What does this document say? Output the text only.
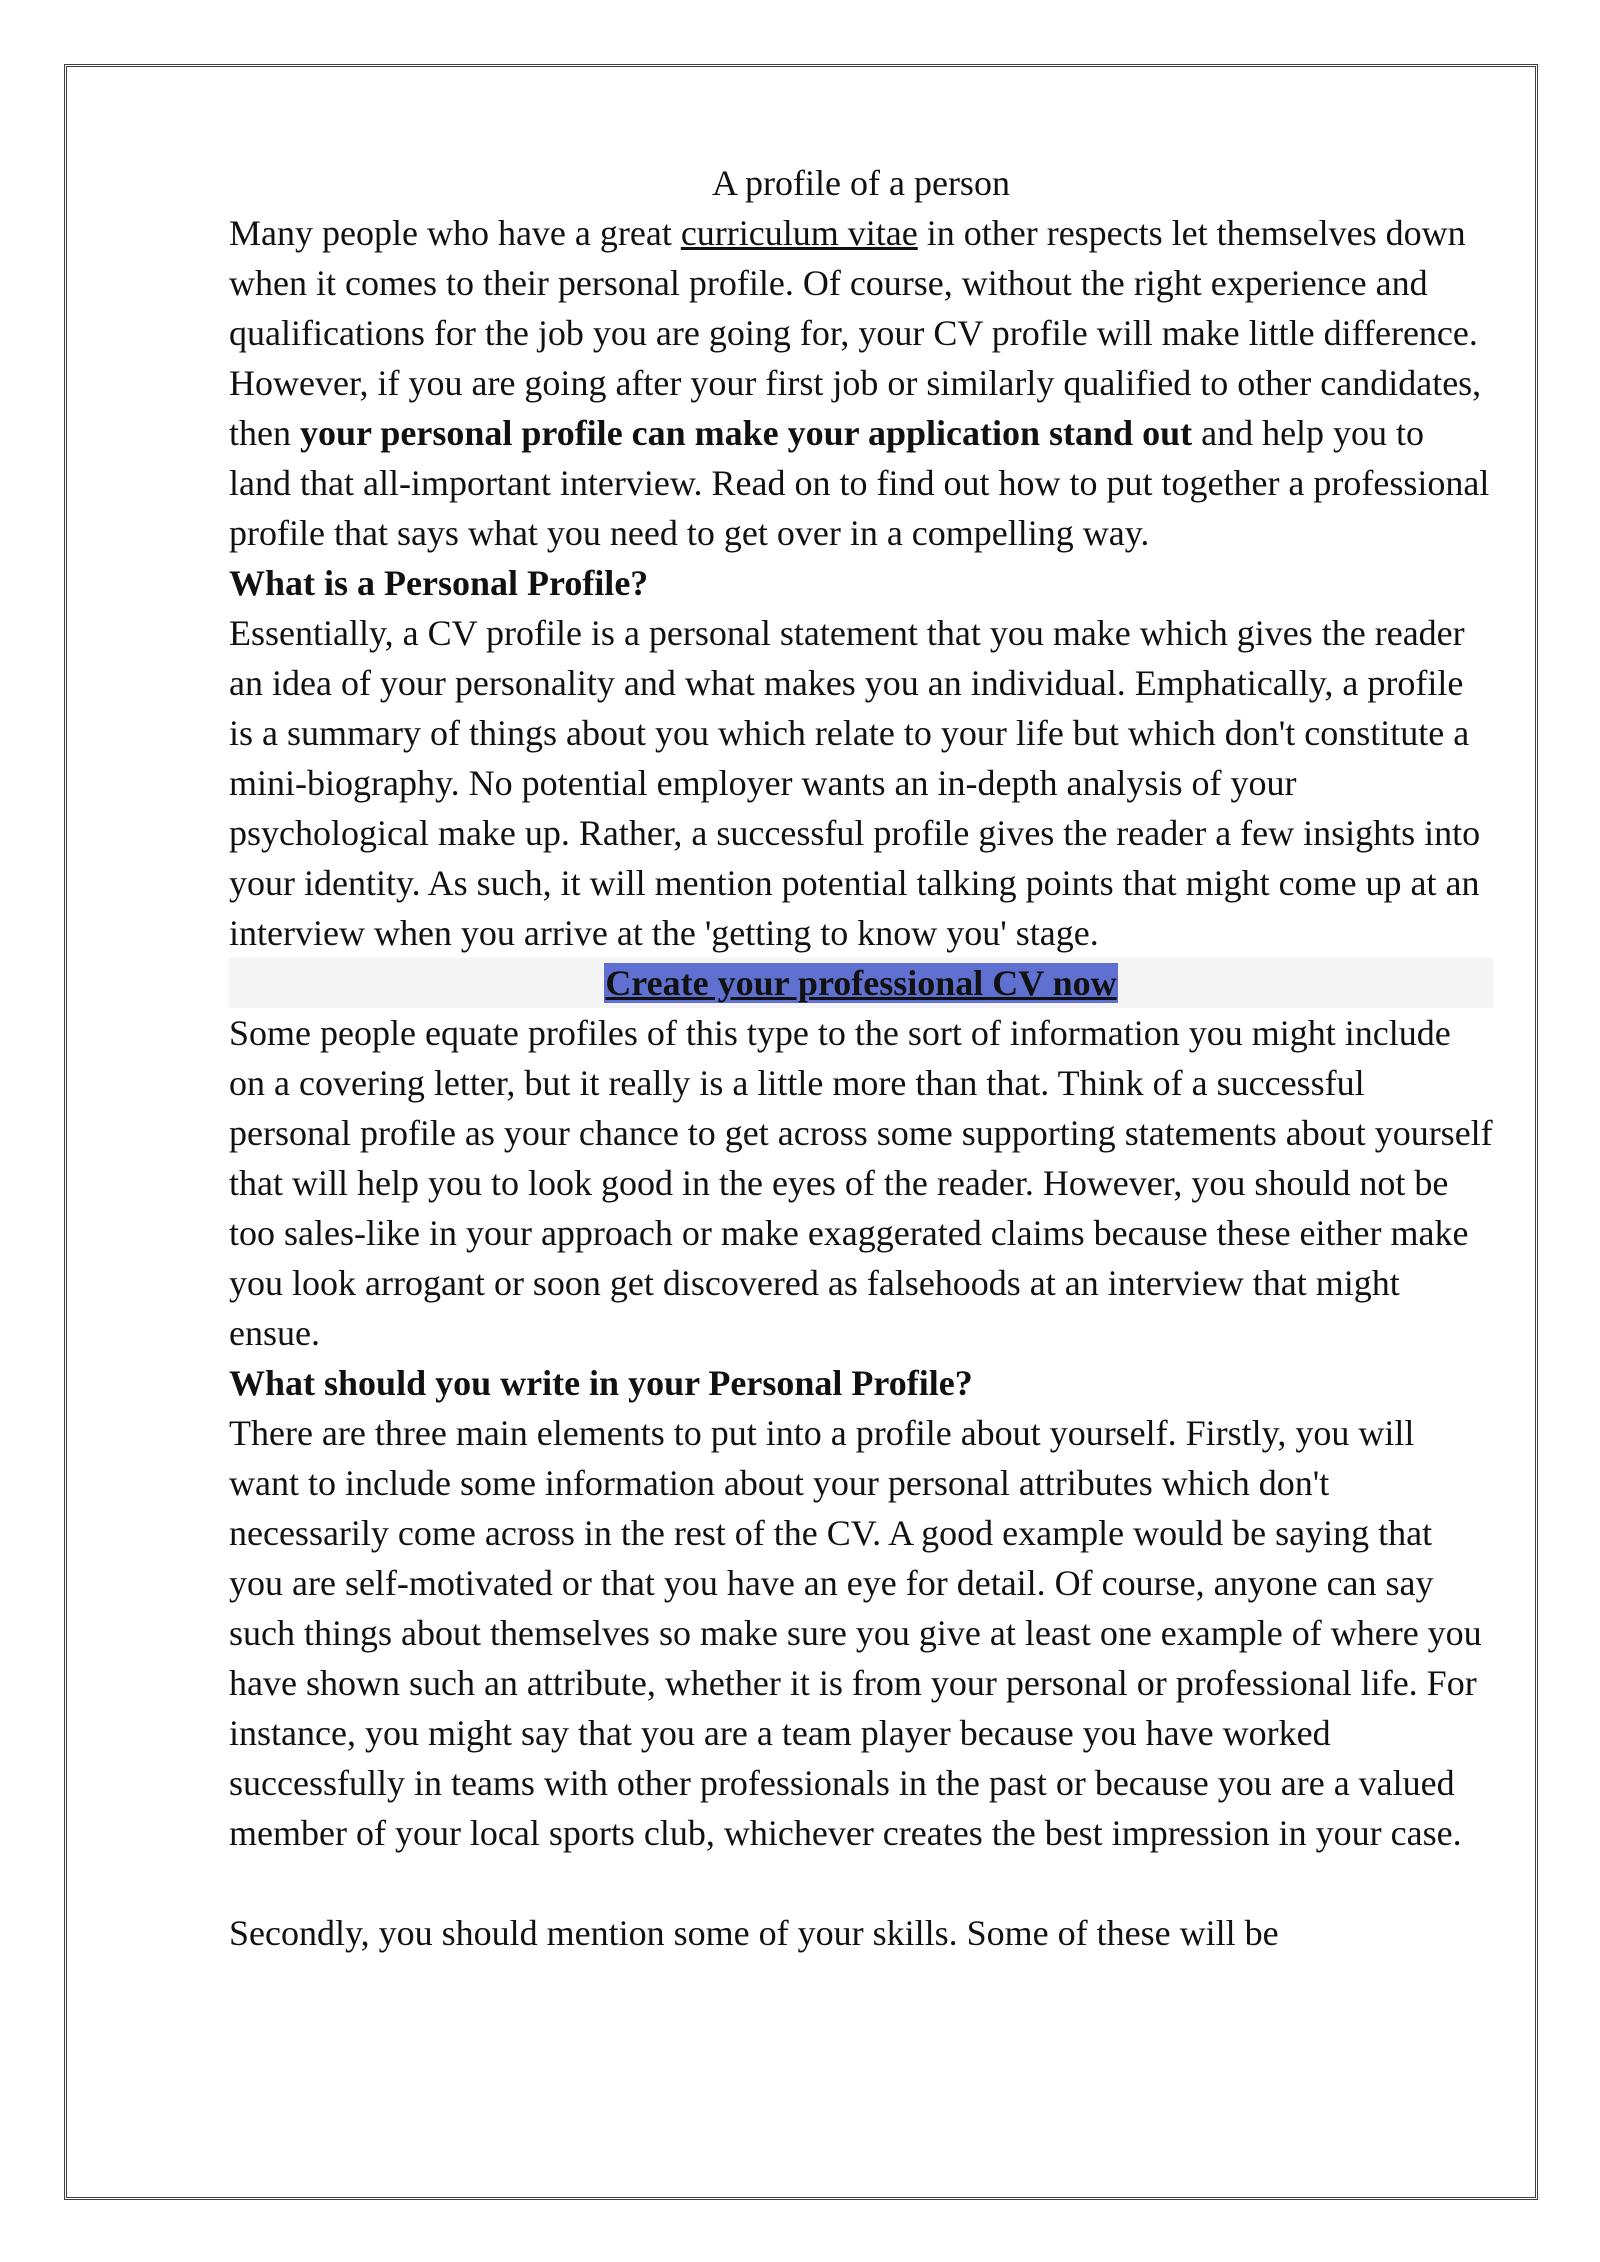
A profile of a person

Many people who have a great curriculum vitae in other respects let themselves down when it comes to their personal profile. Of course, without the right experience and qualifications for the job you are going for, your CV profile will make little difference. However, if you are going after your first job or similarly qualified to other candidates, then your personal profile can make your application stand out and help you to land that all-important interview. Read on to find out how to put together a professional profile that says what you need to get over in a compelling way.

What is a Personal Profile?

Essentially, a CV profile is a personal statement that you make which gives the reader an idea of your personality and what makes you an individual. Emphatically, a profile is a summary of things about you which relate to your life but which don't constitute a mini-biography. No potential employer wants an in-depth analysis of your psychological make up. Rather, a successful profile gives the reader a few insights into your identity. As such, it will mention potential talking points that might come up at an interview when you arrive at the 'getting to know you' stage.

Create your professional CV now

Some people equate profiles of this type to the sort of information you might include on a covering letter, but it really is a little more than that. Think of a successful personal profile as your chance to get across some supporting statements about yourself that will help you to look good in the eyes of the reader. However, you should not be too sales-like in your approach or make exaggerated claims because these either make you look arrogant or soon get discovered as falsehoods at an interview that might ensue.

What should you write in your Personal Profile?

There are three main elements to put into a profile about yourself. Firstly, you will want to include some information about your personal attributes which don't necessarily come across in the rest of the CV. A good example would be saying that you are self-motivated or that you have an eye for detail. Of course, anyone can say such things about themselves so make sure you give at least one example of where you have shown such an attribute, whether it is from your personal or professional life. For instance, you might say that you are a team player because you have worked successfully in teams with other professionals in the past or because you are a valued member of your local sports club, whichever creates the best impression in your case.

Secondly, you should mention some of your skills. Some of these will be
